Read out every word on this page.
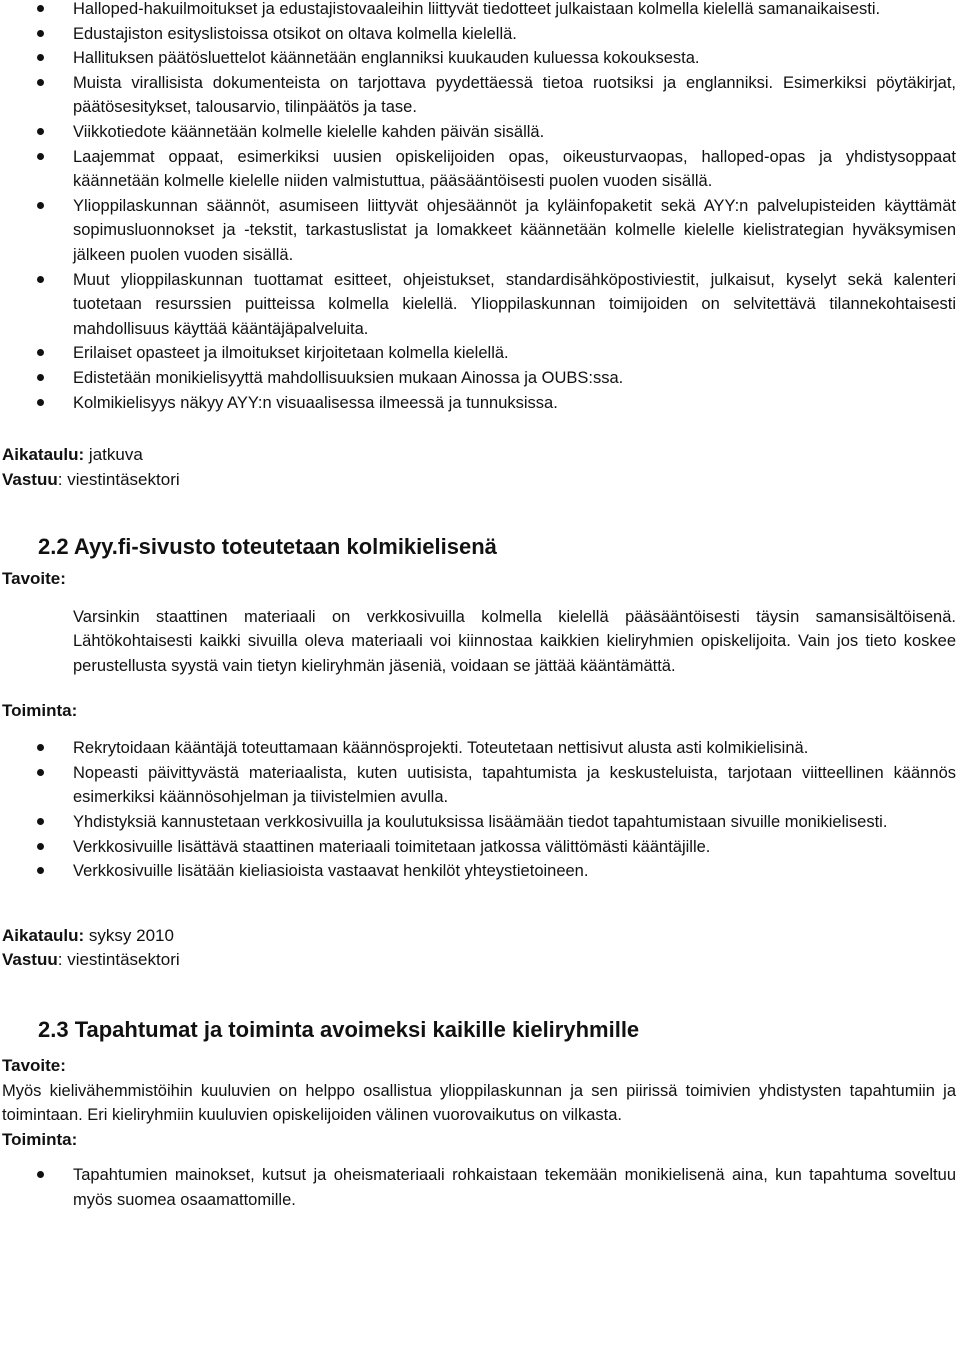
Halloped-hakuilmoitukset ja edustajistovaaleihin liittyvät tiedotteet julkaistaan kolmella kielellä samanaikaisesti.
Edustajiston esityslistoissa otsikot on oltava kolmella kielellä.
Hallituksen päätösluettelot käännetään englanniksi kuukauden kuluessa kokouksesta.
Muista virallisista dokumenteista on tarjottava pyydettäessä tietoa ruotsiksi ja englanniksi. Esimerkiksi pöytäkirjat, päätösesitykset, talousarvio, tilinpäätös ja tase.
Viikkotiedote käännetään kolmelle kielelle kahden päivän sisällä.
Laajemmat oppaat, esimerkiksi uusien opiskelijoiden opas, oikeusturvaopas, halloped-opas ja yhdistysoppaat käännetään kolmelle kielelle niiden valmistuttua, pääsääntöisesti puolen vuoden sisällä.
Ylioppilaskunnan säännöt, asumiseen liittyvät ohjesäännöt ja kyläinfopaketit sekä AYY:n palvelupisteiden käyttämät sopimusluonnokset ja -tekstit, tarkastuslistat ja lomakkeet käännetään kolmelle kielelle kielistrategian hyväksymisen jälkeen puolen vuoden sisällä.
Muut ylioppilaskunnan tuottamat esitteet, ohjeistukset, standardisähköpostiviestit, julkaisut, kyselyt sekä kalenteri tuotetaan resurssien puitteissa kolmella kielellä. Ylioppilaskunnan toimijoiden on selvitettävä tilannekohtaisesti mahdollisuus käyttää kääntäjäpalveluita.
Erilaiset opasteet ja ilmoitukset kirjoitetaan kolmella kielellä.
Edistetään monikielisyyttä mahdollisuuksien mukaan Ainossa ja OUBS:ssa.
Kolmikielisyys näkyy AYY:n visuaalisessa ilmeessä ja tunnuksissa.
Aikataulu: jatkuva
Vastuu: viestintäsektori
2.2 Ayy.fi-sivusto toteutetaan kolmikielisenä
Tavoite:
Varsinkin staattinen materiaali on verkkosivuilla kolmella kielellä pääsääntöisesti täysin samansisältöisenä. Lähtökohtaisesti kaikki sivuilla oleva materiaali voi kiinnostaa kaikkien kieliryhmien opiskelijoita. Vain jos tieto koskee perustellusta syystä vain tietyn kieliryhmän jäseniä, voidaan se jättää kääntämättä.
Toiminta:
Rekrytoidaan kääntäjä toteuttamaan käännösprojekti. Toteutetaan nettisivut alusta asti kolmikielisinä.
Nopeasti päivittyvästä materiaalista, kuten uutisista, tapahtumista ja keskusteluista, tarjotaan viitteellinen käännös esimerkiksi käännösohjelman ja tiivistelmien avulla.
Yhdistyksiä kannustetaan verkkosivuilla ja koulutuksissa lisäämään tiedot tapahtumistaan sivuille monikielisesti.
Verkkosivuille lisättävä staattinen materiaali toimitetaan jatkossa välittömästi kääntäjille.
Verkkosivuille lisätään kieliasioista vastaavat henkilöt yhteystietoineen.
Aikataulu: syksy 2010
Vastuu: viestintäsektori
2.3 Tapahtumat ja toiminta avoimeksi kaikille kieliryhmille
Tavoite:
Myös kielivähemmistöihin kuuluvien on helppo osallistua ylioppilaskunnan ja sen piirissä toimivien yhdistysten tapahtumiin ja toimintaan. Eri kieliryhmiin kuuluvien opiskelijoiden välinen vuorovaikutus on vilkasta.
Toiminta:
Tapahtumien mainokset, kutsut ja oheismateriaali rohkaistaan tekemään monikielisenä aina, kun tapahtuma soveltuu myös suomea osaamattomille.
